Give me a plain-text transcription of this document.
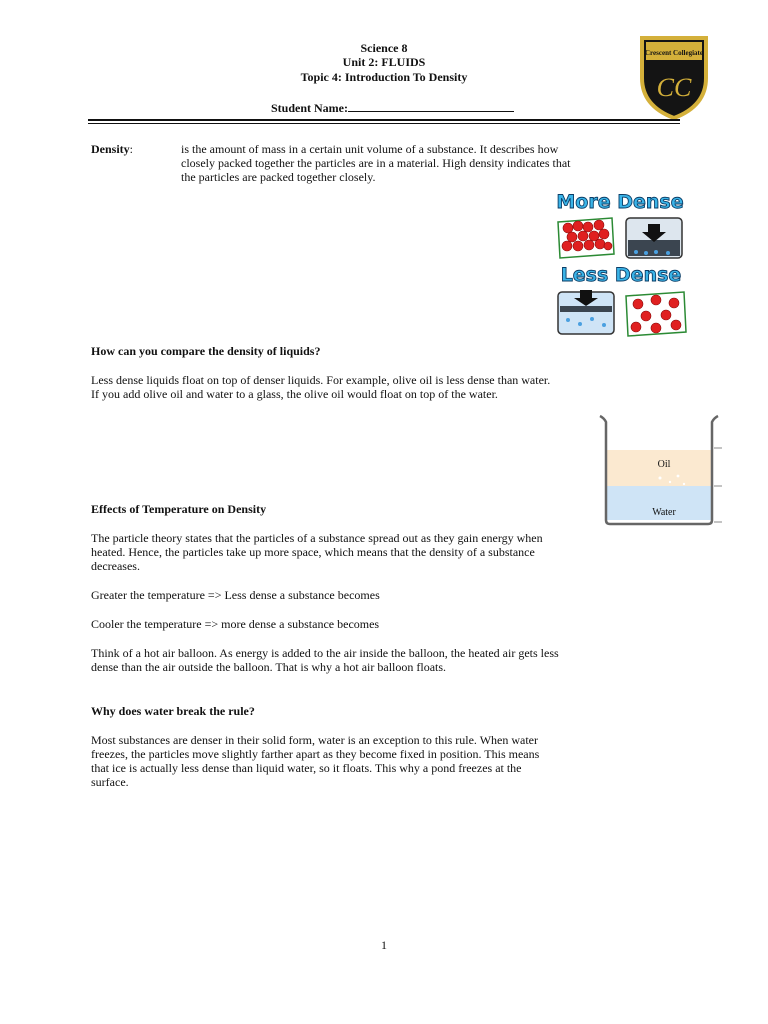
Science 8
Unit 2: FLUIDS
Topic 4: Introduction To Density
Student Name:
Crescent Collegiate
CC
Density:	is the amount of mass in a certain unit volume of a substance. It describes how
closely packed together the particles are in a material. High density indicates that
the particles are packed together closely.
More Dense
Less Dense
How can you compare the density of liquids?
Less dense liquids float on top of denser liquids. For example, olive oil is less dense than water.
If you add olive oil and water to a glass, the olive oil would float on top of the water.
Oil
Water
Effects of Temperature on Density
The particle theory states that the particles of a substance spread out as they gain energy when
heated. Hence, the particles take up more space, which means that the density of a substance
decreases.
Greater the temperature => Less dense a substance becomes
Cooler the temperature => more dense a substance becomes
Think of a hot air balloon. As energy is added to the air inside the balloon, the heated air gets less
dense than the air outside the balloon. That is why a hot air balloon floats.
Why does water break the rule?
Most substances are denser in their solid form, water is an exception to this rule. When water
freezes, the particles move slightly farther apart as they become fixed in position. This means
that ice is actually less dense than liquid water, so it floats. This why a pond freezes at the
surface.
1
